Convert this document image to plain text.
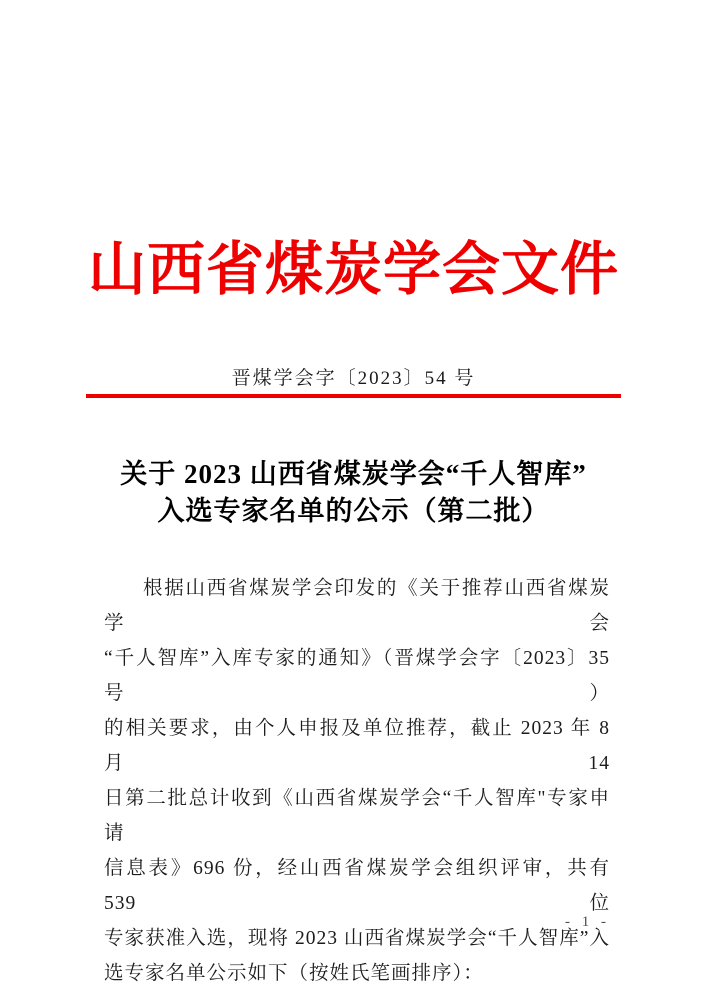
山西省煤炭学会文件
晋煤学会字〔2023〕54 号
关于 2023 山西省煤炭学会“千人智库”
入选专家名单的公示（第二批）
根据山西省煤炭学会印发的《关于推荐山西省煤炭学会
“千人智库”入库专家的通知》（晋煤学会字〔2023〕35 号）
的相关要求，由个人申报及单位推荐，截止 2023 年 8 月 14
日第二批总计收到《山西省煤炭学会“千人智库"专家申请
信息表》696 份，经山西省煤炭学会组织评审，共有 539 位
专家获准入选，现将 2023 山西省煤炭学会“千人智库”入
选专家名单公示如下（按姓氏笔画排序）：
- 1 -
